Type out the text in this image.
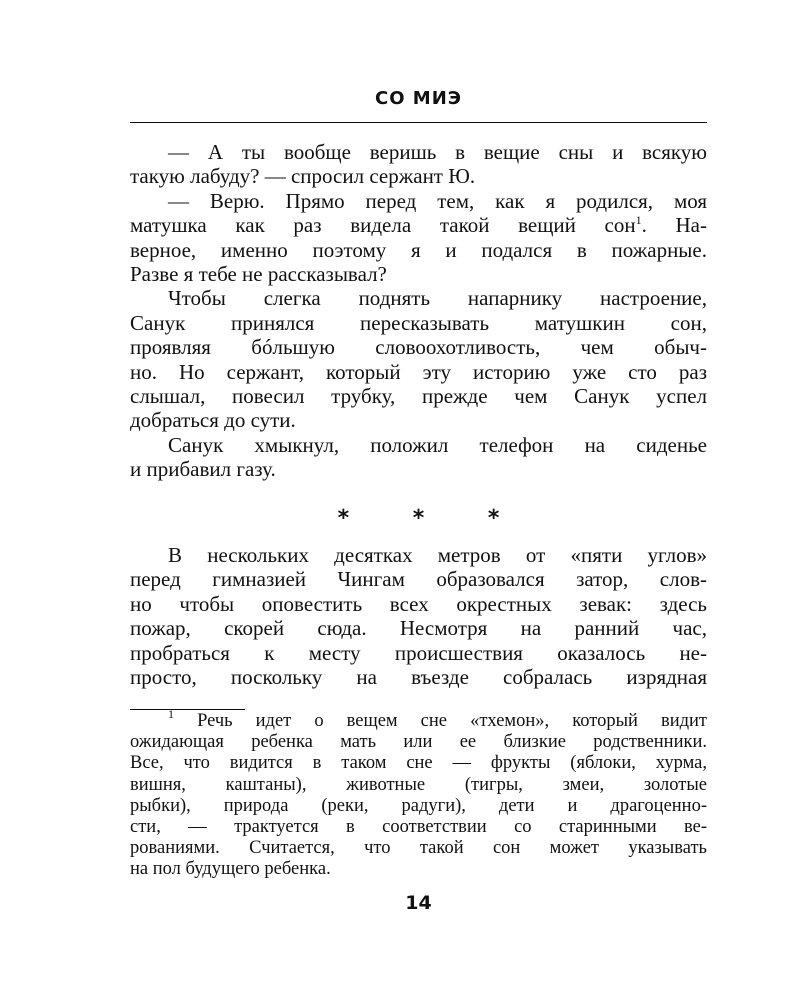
СО МИЭ
— А ты вообще веришь в вещие сны и всякую
такую лабуду? — спросил сержант Ю.
— Верю. Прямо перед тем, как я родился, моя
матушка как раз видела такой вещий сон$^1$. На-
верное, именно поэтому я и подался в пожарные.
Разве я тебе не рассказывал?
Чтобы слегка поднять напарнику настроение,
Санук принялся пересказывать матушкин сон,
проявляя бóльшую словоохотливость, чем обыч-
но. Но сержант, который эту историю уже сто раз
слышал, повесил трубку, прежде чем Санук успел
добраться до сути.
Санук хмыкнул, положил телефон на сиденье
и прибавил газу.
* * *
В нескольких десятках метров от «пяти углов»
перед гимназией Чингам образовался затор, слов-
но чтобы оповестить всех окрестных зевак: здесь
пожар, скорей сюда. Несмотря на ранний час,
пробраться к месту происшествия оказалось не-
просто, поскольку на въезде собралась изрядная
$^1$ Речь идет о вещем сне «тхемон», который видит
ожидающая ребенка мать или ее близкие родственники.
Все, что видится в таком сне — фрукты (яблоки, хурма,
вишня, каштаны), животные (тигры, змеи, золотые
рыбки), природа (реки, радуги), дети и драгоценно-
сти, — трактуется в соответствии со старинными ве-
рованиями. Считается, что такой сон может указывать
на пол будущего ребенка.
14
